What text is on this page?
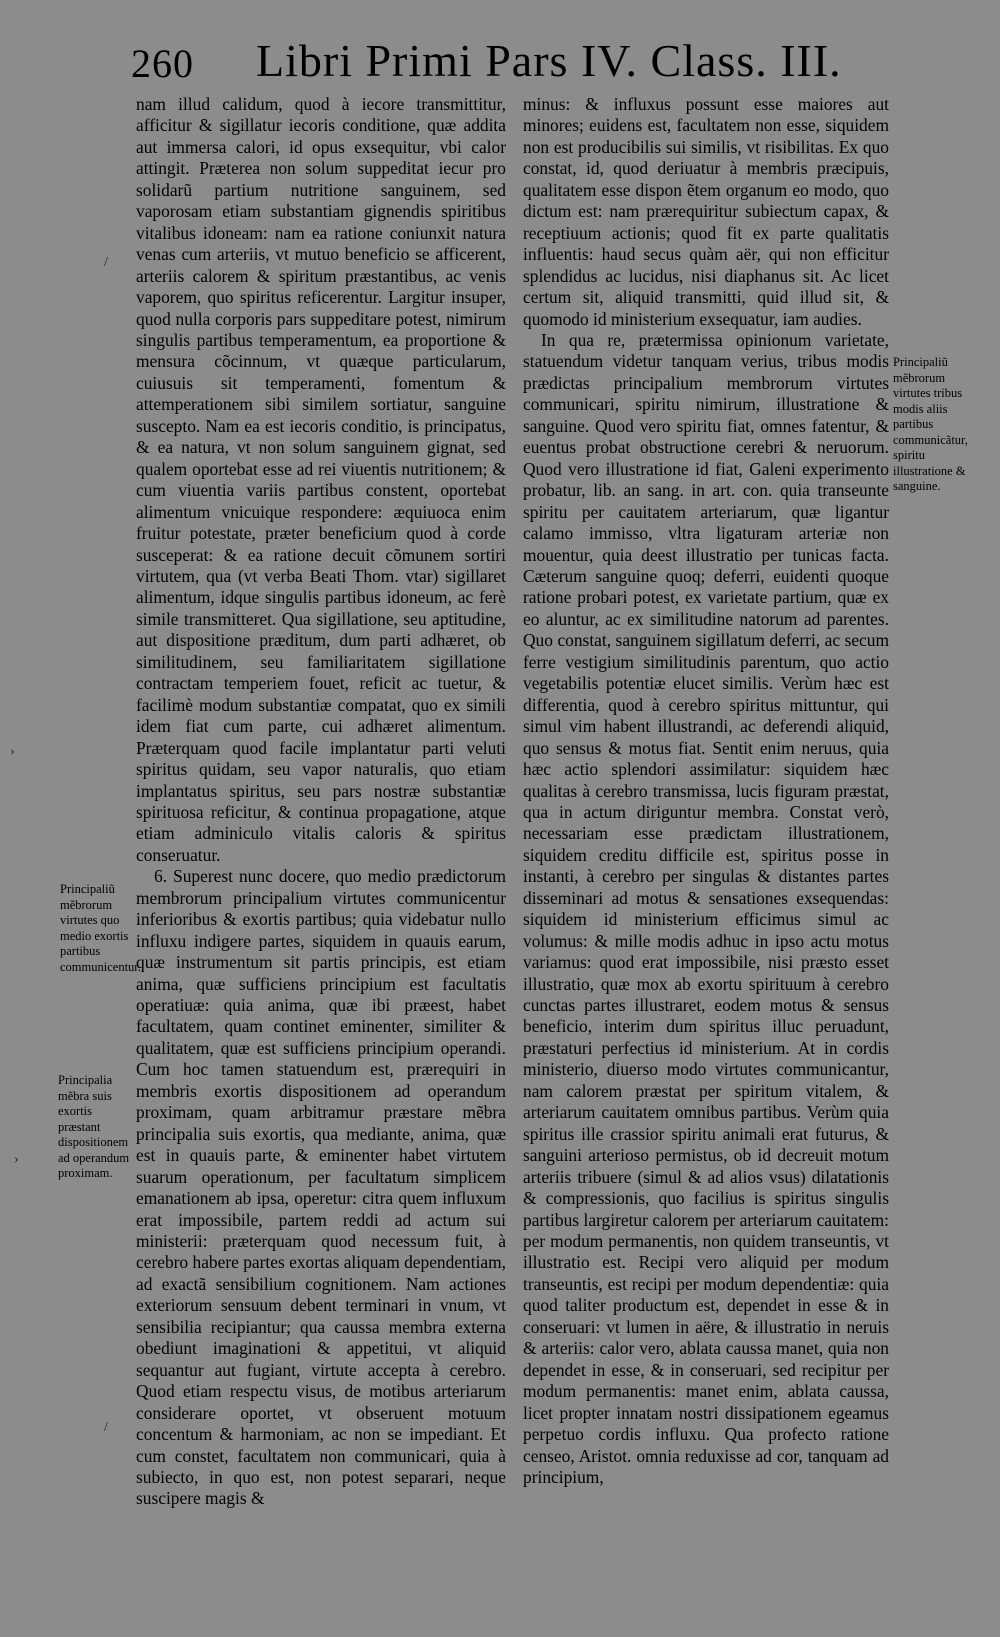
260 Libri Primi Pars IV. Class. III.

nam illud calidum, quod à iecore transmittitur, afficitur & sigillatur iecoris conditione, quæ addita aut immersa calori, id opus exsequitur, vbi calor attingit. Præterea non solum suppeditat iecur pro solidarũ partium nutritione sanguinem, sed vaporosam etiam substantiam gignendis spiritibus vitalibus idoneam: nam ea ratione coniunxit natura venas cum arteriis, vt mutuo beneficio se afficerent, arteriis calorem & spiritum præstantibus, ac venis vaporem, quo spiritus reficerentur. Largitur insuper, quod nulla corporis pars suppeditare potest, nimirum singulis partibus temperamentum, ea proportione & mensura cõcinnum, vt quæque particularum, cuiusuis sit temperamenti, fomentum & attemperationem sibi similem sortiatur, sanguine suscepto. Nam ea est iecoris conditio, is principatus, & ea natura, vt non solum sanguinem gignat, sed qualem oportebat esse ad rei viuentis nutritionem; & cum viuentia variis partibus constent, oportebat alimentum vnicuique respondere: æquiuoca enim fruitur potestate, præter beneficium quod à corde susceperat: & ea ratione decuit cõmunem sortiri virtutem, qua (vt verba Beati Thom. vtar) sigillaret alimentum, idque singulis partibus idoneum, ac ferè simile transmitteret. Qua sigillatione, seu aptitudine, aut dispositione præditum, dum parti adhæret, ob similitudinem, seu familiaritatem sigillatione contractam temperiem fouet, reficit ac tuetur, & facilimè modum substantiæ compatat, quo ex simili idem fiat cum parte, cui adhæret alimentum. Præterquam quod facile implantatur parti veluti spiritus quidam, seu vapor naturalis, quo etiam implantatus spiritus, seu pars nostræ substantiæ spirituosa reficitur, & continua propagatione, atque etiam adminiculo vitalis caloris & spiritus conseruatur.

6. Superest nunc docere, quo medio prædictorum membrorum principalium virtutes communicentur inferioribus & exortis partibus; quia videbatur nullo influxu indigere partes, siquidem in quauis earum, quæ instrumentum sit partis principis, est etiam anima, quæ sufficiens principium est facultatis operatiuæ: quia anima, quæ ibi præest, habet facultatem, quam continet eminenter, similiter & qualitatem, quæ est sufficiens principium operandi. Cum hoc tamen statuendum est, prærequiri in membris exortis dispositionem ad operandum proximam, quam arbitramur præstare mẽbra principalia suis exortis, qua mediante, anima, quæ est in quauis parte, & eminenter habet virtutem suarum operationum, per facultatum simplicem emanationem ab ipsa, operetur: citra quem influxum erat impossibile, partem reddi ad actum sui ministerii: præterquam quod necessum fuit, à cerebro habere partes exortas aliquam dependentiam, ad exactã sensibilium cognitionem. Nam actiones exteriorum sensuum debent terminari in vnum, vt sensibilia recipiantur; qua caussa membra externa obediunt imaginationi & appetitui, vt aliquid sequantur aut fugiant, virtute accepta à cerebro. Quod etiam respectu visus, de motibus arteriarum considerare oportet, vt obseruent motuum concentum & harmoniam, ac non se impediant. Et cum constet, facultatem non communicari, quia à subiecto, in quo est, non potest separari, neque suscipere magis &

minus: & influxus possunt esse maiores aut minores; euidens est, facultatem non esse, siquidem non est producibilis sui similis, vt risibilitas. Ex quo constat, id, quod deriuatur à membris præcipuis, qualitatem esse dispon ẽtem organum eo modo, quo dictum est: nam prærequiritur subiectum capax, & receptiuum actionis; quod fit ex parte qualitatis influentis: haud secus quàm aër, qui non efficitur splendidus ac lucidus, nisi diaphanus sit. Ac licet certum sit, aliquid transmitti, quid illud sit, & quomodo id ministerium exsequatur, iam audies.

In qua re, prætermissa opinionum varietate, statuendum videtur tanquam verius, tribus modis prædictas principalium membrorum virtutes communicari, spiritu nimirum, illustratione & sanguine. Quod vero spiritu fiat, omnes fatentur, & euentus probat obstructione cerebri & neruorum. Quod vero illustratione id fiat, Galeni experimento probatur, lib. an sang. in art. con. quia transeunte spiritu per cauitatem arteriarum, quæ ligantur calamo immisso, vltra ligaturam arteriæ non mouentur, quia deest illustratio per tunicas facta. Cæterum sanguine quoq; deferri, euidenti quoque ratione probari potest, ex varietate partium, quæ ex eo aluntur, ac ex similitudine natorum ad parentes. Quo constat, sanguinem sigillatum deferri, ac secum ferre vestigium similitudinis parentum, quo actio vegetabilis potentiæ elucet similis. Verùm hæc est differentia, quod à cerebro spiritus mittuntur, qui simul vim habent illustrandi, ac deferendi aliquid, quo sensus & motus fiat. Sentit enim neruus, quia hæc actio splendori assimilatur: siquidem hæc qualitas à cerebro transmissa, lucis figuram præstat, qua in actum diriguntur membra. Constat verò, necessariam esse prædictam illustrationem, siquidem creditu difficile est, spiritus posse in instanti, à cerebro per singulas & distantes partes disseminari ad motus & sensationes exsequendas: siquidem id ministerium efficimus simul ac volumus: & mille modis adhuc in ipso actu motus variamus: quod erat impossibile, nisi præsto esset illustratio, quæ mox ab exortu spirituum à cerebro cunctas partes illustraret, eodem motus & sensus beneficio, interim dum spiritus illuc peruadunt, præstaturi perfectius id ministerium. At in cordis ministerio, diuerso modo virtutes communicantur, nam calorem præstat per spiritum vitalem, & arteriarum cauitatem omnibus partibus. Verùm quia spiritus ille crassior spiritu animali erat futurus, & sanguini arterioso permistus, ob id decreuit motum arteriis tribuere (simul & ad alios vsus) dilatationis & compressionis, quo facilius is spiritus singulis partibus largiretur calorem per arteriarum cauitatem: per modum permanentis, non quidem transeuntis, vt illustratio est. Recipi vero aliquid per modum transeuntis, est recipi per modum dependentiæ: quia quod taliter productum est, dependet in esse & in conseruari: vt lumen in aëre, & illustratio in neruis & arteriis: calor vero, ablata caussa manet, quia non dependet in esse, & in conseruari, sed recipitur per modum permanentis: manet enim, ablata caussa, licet propter innatam nostri dissipationem egeamus perpetuo cordis influxu. Qua profecto ratione censeo, Aristot. omnia reduxisse ad cor, tanquam ad principium,

Principaliũ mẽbrorum virtutes quo medio exortis partibus communicentur.
Principalia mẽbra suis exortis præstant dispositionem ad operandum proximam.
Principaliũ mẽbrorum virtutes tribus modis aliis partibus communicãtur, spiritu illustratione & sanguine.
/
›
›
/
